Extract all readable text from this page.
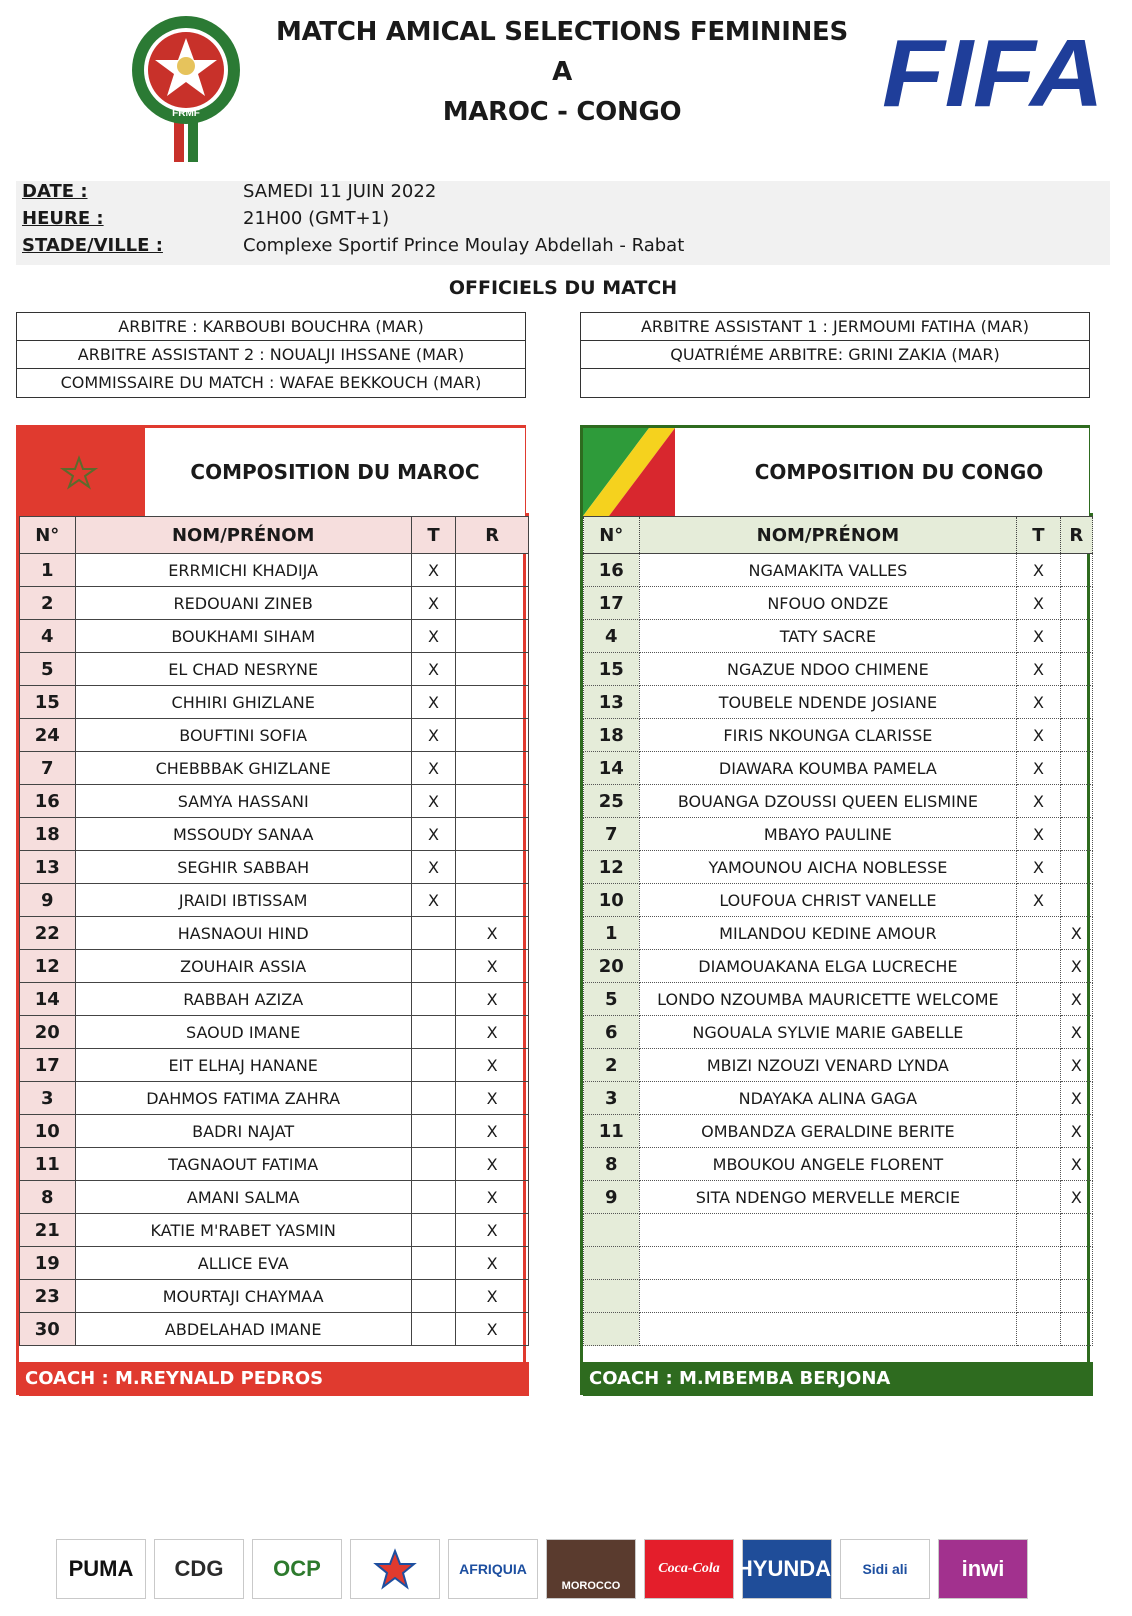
FRMF
MATCH AMICAL SELECTIONS FEMININES A
MAROC - CONGO	FIFA
DATE :	SAMEDI 11 JUIN 2022
HEURE :	21H00 (GMT+1)
STADE/VILLE :	Complexe Sportif Prince Moulay Abdellah - Rabat
OFFICIELS DU MATCH
ARBITRE : KARBOUBI BOUCHRA (MAR)
ARBITRE ASSISTANT 2 : NOUALJI IHSSANE (MAR)
COMMISSAIRE DU MATCH : WAFAE BEKKOUCH (MAR)
ARBITRE ASSISTANT 1 : JERMOUMI FATIHA (MAR)
QUATRIÉME ARBITRE: GRINI ZAKIA (MAR)
COMPOSITION DU MAROC
N°	NOM/PRÉNOM	T	R
1	ERRMICHI KHADIJA	X	
2	REDOUANI ZINEB	X	
4	BOUKHAMI SIHAM	X	
5	EL CHAD NESRYNE	X	
15	CHHIRI GHIZLANE	X	
24	BOUFTINI SOFIA	X	
7	CHEBBBAK GHIZLANE	X	
16	SAMYA HASSANI	X	
18	MSSOUDY SANAA	X	
13	SEGHIR SABBAH	X	
9	JRAIDI IBTISSAM	X	
22	HASNAOUI HIND		X
12	ZOUHAIR ASSIA		X
14	RABBAH AZIZA		X
20	SAOUD IMANE		X
17	EIT ELHAJ HANANE		X
3	DAHMOS FATIMA ZAHRA		X
10	BADRI NAJAT		X
11	TAGNAOUT FATIMA		X
8	AMANI SALMA		X
21	KATIE M'RABET YASMIN		X
19	ALLICE EVA		X
23	MOURTAJI CHAYMAA		X
30	ABDELAHAD IMANE		X
COACH : M.REYNALD PEDROS
COMPOSITION DU CONGO
N°	NOM/PRÉNOM	T	R
16	NGAMAKITA VALLES	X	
17	NFOUO ONDZE	X	
4	TATY SACRE	X	
15	NGAZUE NDOO CHIMENE	X	
13	TOUBELE NDENDE JOSIANE	X	
18	FIRIS NKOUNGA CLARISSE	X	
14	DIAWARA KOUMBA PAMELA	X	
25	BOUANGA DZOUSSI QUEEN ELISMINE	X	
7	MBAYO PAULINE	X	
12	YAMOUNOU AICHA NOBLESSE	X	
10	LOUFOUA CHRIST VANELLE	X	
1	MILANDOU KEDINE AMOUR		X
20	DIAMOUAKANA ELGA LUCRECHE		X
5	LONDO NZOUMBA MAURICETTE WELCOME		X
6	NGOUALA SYLVIE MARIE GABELLE		X
2	MBIZI NZOUZI VENARD LYNDA		X
3	NDAYAKA ALINA GAGA		X
11	OMBANDZA GERALDINE BERITE		X
8	MBOUKOU ANGELE FLORENT		X
9	SITA NDENGO MERVELLE MERCIE		X

COACH : M.MBEMBA BERJONA
PUMA CDG OCP	AFRIQUIA
MOROCCO
Coca-Cola HYUNDAI Sidi ali inwi
